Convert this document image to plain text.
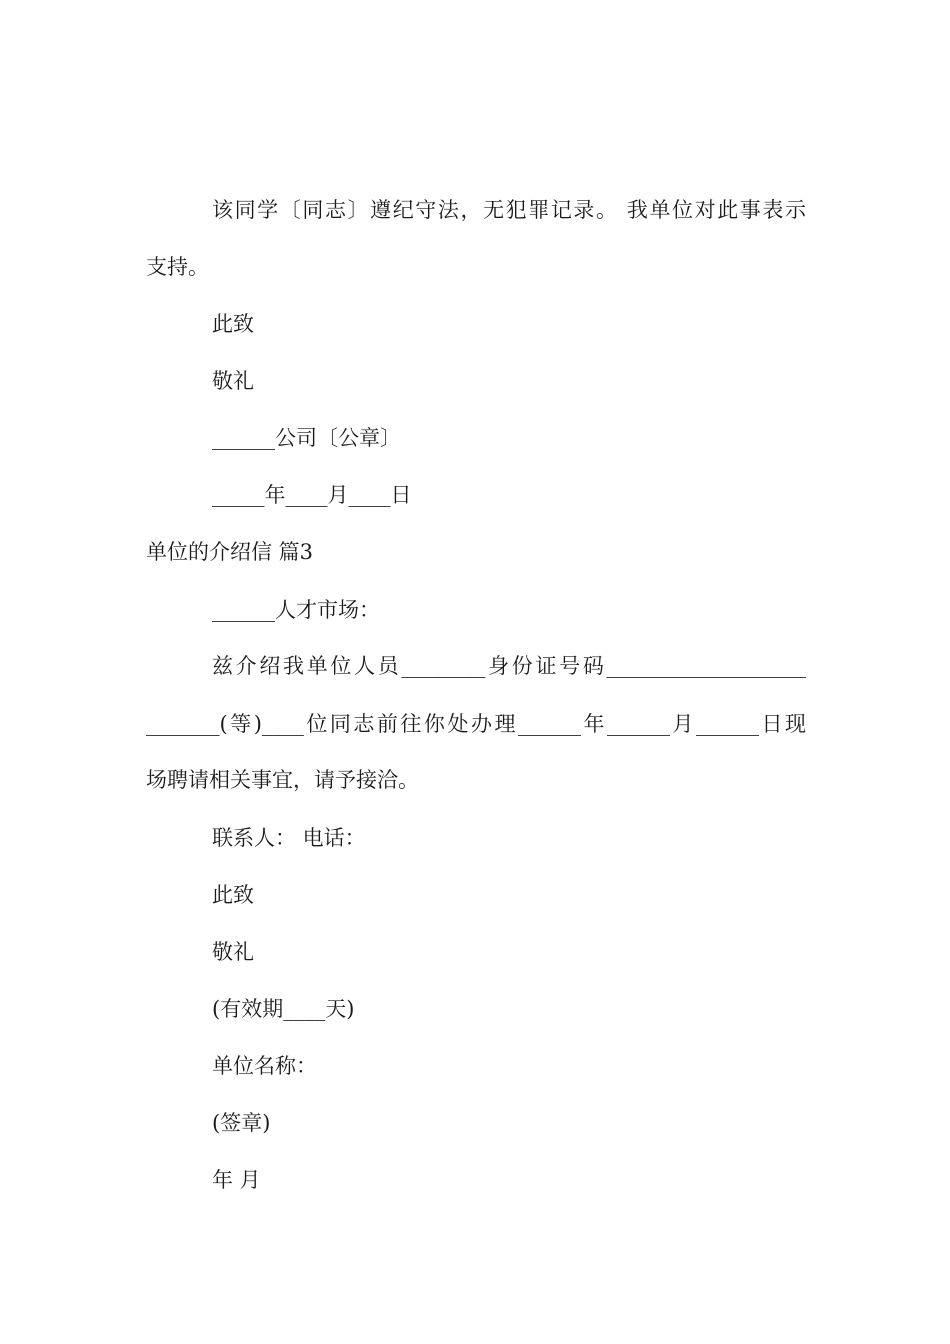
该同学〔同志〕遵纪守法，无犯罪记录。 我单位对此事表示
支持。
此致
敬礼
______公司〔公章〕
_____年____月____日
单位的介绍信 篇3
______人才市场：
兹介绍我单位人员________身份证号码___________________
_______(等)____位同志前往你处办理______年______月______日现
场聘请相关事宜，请予接洽。
联系人： 电话：
此致
敬礼
(有效期____天)
单位名称：
(签章)
年 月
